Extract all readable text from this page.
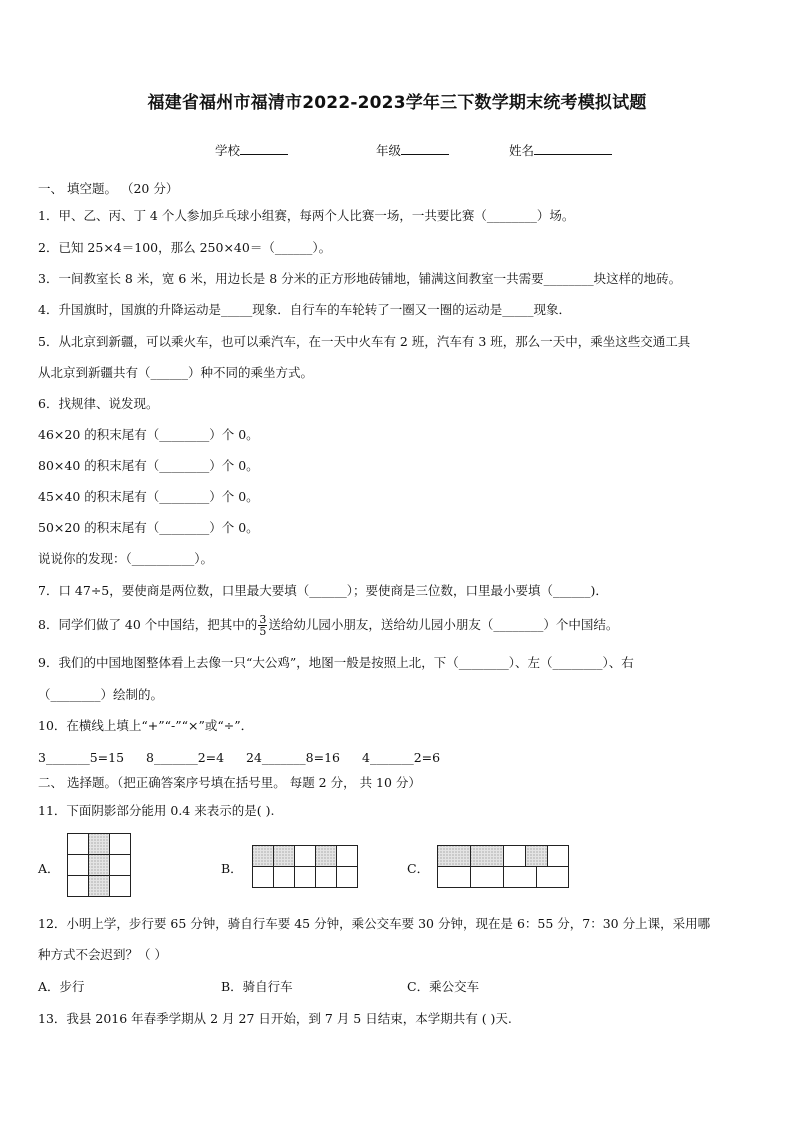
福建省福州市福清市2022-2023学年三下数学期末统考模拟试题
学校	年级	姓名
一、 填空题。 （20 分）
1．甲、乙、丙、丁 4 个人参加乒乓球小组赛，每两个人比赛一场，一共要比赛（________）场。
2．已知 25×4＝100，那么 250×40＝（______）。
3．一间教室长 8 米，宽 6 米，用边长是 8 分米的正方形地砖铺地，铺满这间教室一共需要________块这样的地砖。
4．升国旗时，国旗的升降运动是_____现象．自行车的车轮转了一圈又一圈的运动是_____现象．
5．从北京到新疆，可以乘火车，也可以乘汽车，在一天中火车有 2 班，汽车有 3 班，那么一天中，乘坐这些交通工具
从北京到新疆共有（______）种不同的乘坐方式。
6．找规律、说发现。
46×20 的积末尾有（________）个 0。
80×40 的积末尾有（________）个 0。
45×40 的积末尾有（________）个 0。
50×20 的积末尾有（________）个 0。
说说你的发现：（__________）。
7．口 47÷5，要使商是两位数，口里最大要填（______）；要使商是三位数，口里最小要填（______)．
8．同学们做了 40 个中国结，把其中的 $\frac{3}{5}$ 送给幼儿园小朋友，送给幼儿园小朋友（________）个中国结。
9．我们的中国地图整体看上去像一只“大公鸡”，地图一般是按照上北，下（________）、左（________）、右
（________）绘制的。
10．在横线上填上“+”“-”“×”或“÷”．
3_______5=15 8_______2=4 24_______8=16 4_______2=6
二、 选择题。（把正确答案序号填在括号里。 每题 2 分， 共 10 分）
11．下面阴影部分能用 0.4 来表示的是( ).
A．	B．	C．
12．小明上学，步行要 65 分钟，骑自行车要 45 分钟，乘公交车要 30 分钟，现在是 6：55 分，7：30 分上课，采用哪
种方式不会迟到？（ ）
A．步行	B．骑自行车	C．乘公交车
13．我县 2016 年春季学期从 2 月 27 日开始，到 7 月 5 日结束，本学期共有 ( )天.
